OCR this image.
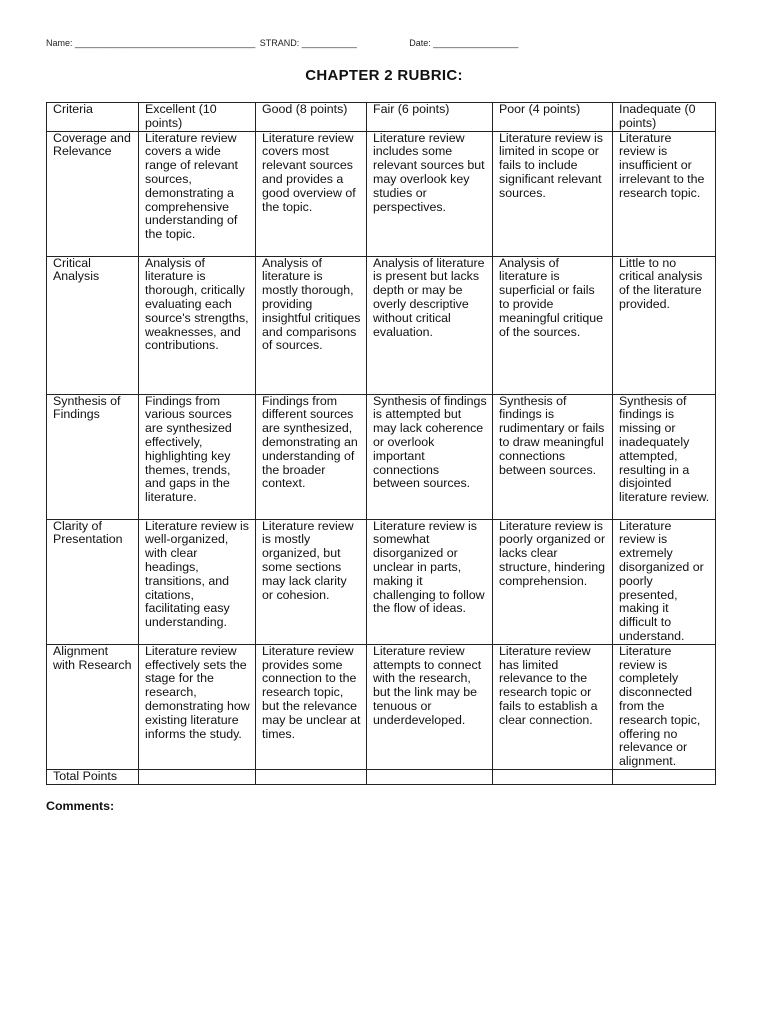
Name: ____________________________________ STRAND: ___________	Date: _________________
CHAPTER 2 RUBRIC:
Criteria	Excellent (10 points)	Good (8 points)	Fair (6 points)	Poor (4 points)	Inadequate (0 points)
Coverage and Relevance	Literature review covers a wide range of relevant sources, demonstrating a comprehensive understanding of the topic.	Literature review covers most relevant sources and provides a good overview of the topic.	Literature review includes some relevant sources but may overlook key studies or perspectives.	Literature review is limited in scope or fails to include significant relevant sources.	Literature review is insufficient or irrelevant to the research topic.
Critical Analysis	Analysis of literature is thorough, critically evaluating each source's strengths, weaknesses, and contributions.	Analysis of literature is mostly thorough, providing insightful critiques and comparisons of sources.	Analysis of literature is present but lacks depth or may be overly descriptive without critical evaluation.	Analysis of literature is superficial or fails to provide meaningful critique of the sources.	Little to no critical analysis of the literature provided.
Synthesis of Findings	Findings from various sources are synthesized effectively, highlighting key themes, trends, and gaps in the literature.	Findings from different sources are synthesized, demonstrating an understanding of the broader context.	Synthesis of findings is attempted but may lack coherence or overlook important connections between sources.	Synthesis of findings is rudimentary or fails to draw meaningful connections between sources.	Synthesis of findings is missing or inadequately attempted, resulting in a disjointed literature review.
Clarity of Presentation	Literature review is well-organized, with clear headings, transitions, and citations, facilitating easy understanding.	Literature review is mostly organized, but some sections may lack clarity or cohesion.	Literature review is somewhat disorganized or unclear in parts, making it challenging to follow the flow of ideas.	Literature review is poorly organized or lacks clear structure, hindering comprehension.	Literature review is extremely disorganized or poorly presented, making it difficult to understand.
Alignment with Research	Literature review effectively sets the stage for the research, demonstrating how existing literature informs the study.	Literature review provides some connection to the research topic, but the relevance may be unclear at times.	Literature review attempts to connect with the research, but the link may be tenuous or underdeveloped.	Literature review has limited relevance to the research topic or fails to establish a clear connection.	Literature review is completely disconnected from the research topic, offering no relevance or alignment.
Total Points					
Comments:
